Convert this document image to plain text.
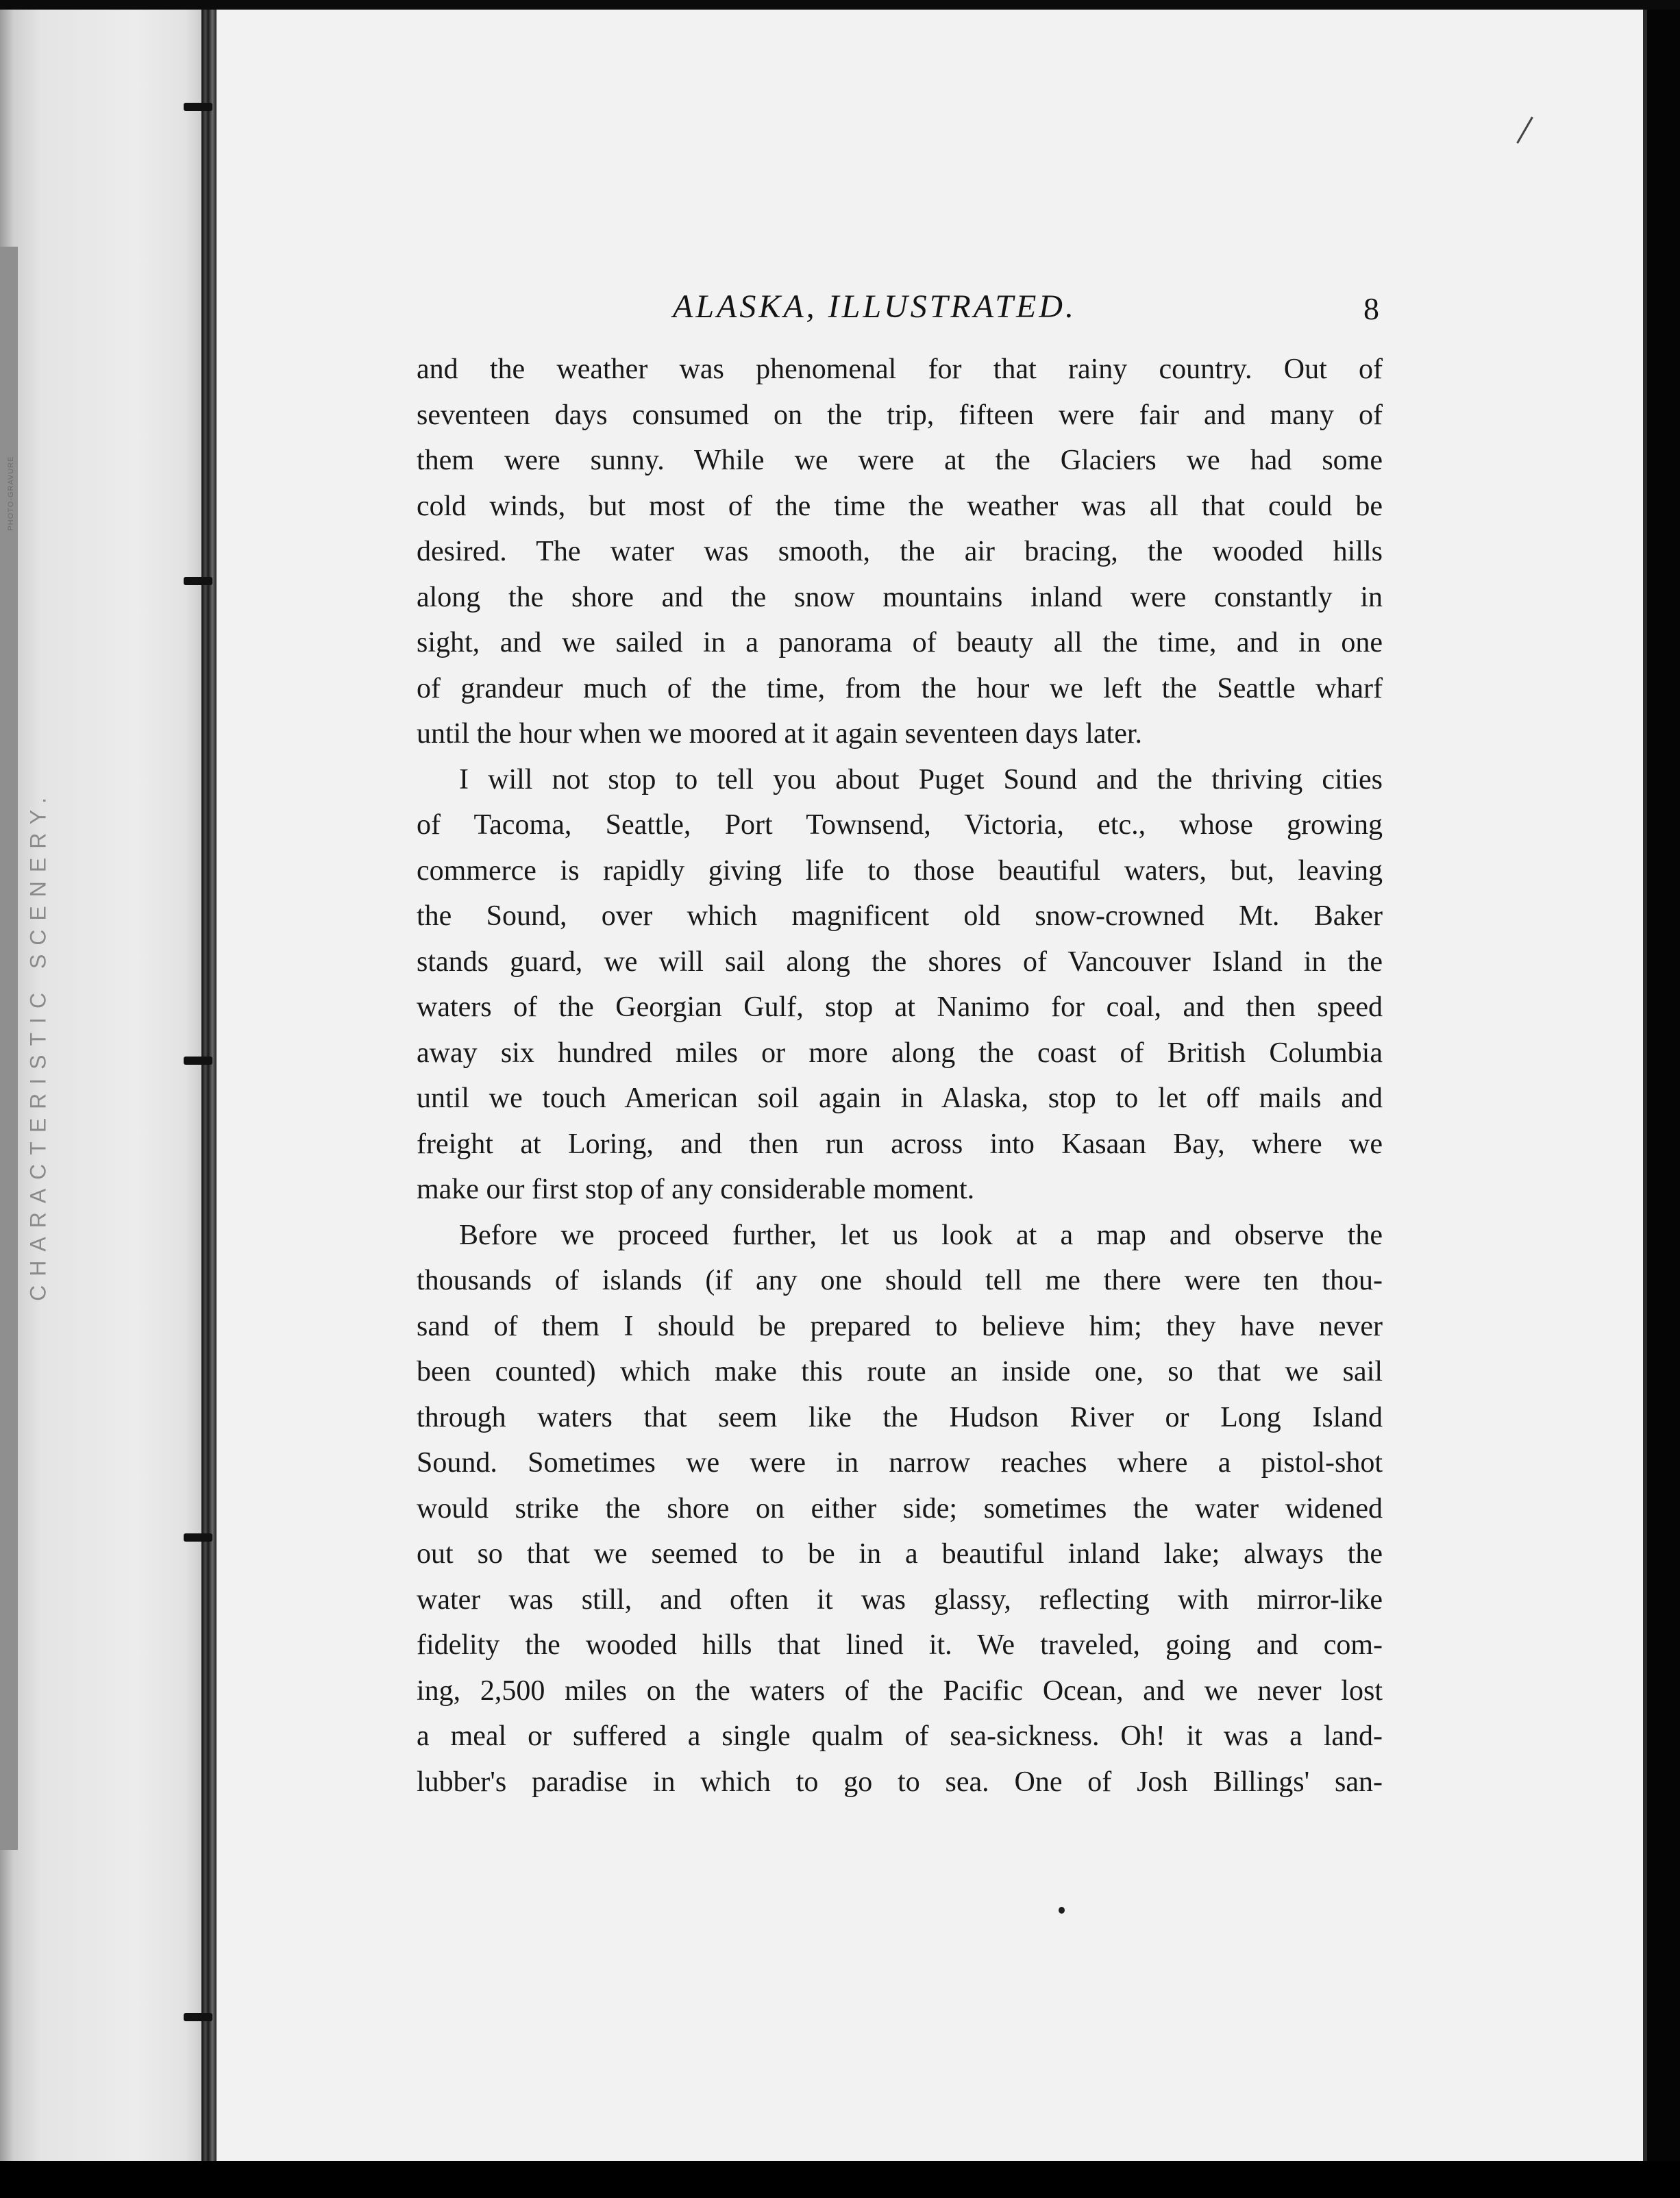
CHARACTERISTIC SCENERY.
PHOTO-GRAVURE
ALASKA, ILLUSTRATED.	8
and the weather was phenomenal for that rainy country. Out of
seventeen days consumed on the trip, fifteen were fair and many of
them were sunny. While we were at the Glaciers we had some
cold winds, but most of the time the weather was all that could be
desired. The water was smooth, the air bracing, the wooded hills
along the shore and the snow mountains inland were constantly in
sight, and we sailed in a panorama of beauty all the time, and in one
of grandeur much of the time, from the hour we left the Seattle wharf
until the hour when we moored at it again seventeen days later.
I will not stop to tell you about Puget Sound and the thriving cities
of Tacoma, Seattle, Port Townsend, Victoria, etc., whose growing
commerce is rapidly giving life to those beautiful waters, but, leaving
the Sound, over which magnificent old snow-crowned Mt. Baker
stands guard, we will sail along the shores of Vancouver Island in the
waters of the Georgian Gulf, stop at Nanimo for coal, and then speed
away six hundred miles or more along the coast of British Columbia
until we touch American soil again in Alaska, stop to let off mails and
freight at Loring, and then run across into Kasaan Bay, where we
make our first stop of any considerable moment.
Before we proceed further, let us look at a map and observe the
thousands of islands (if any one should tell me there were ten thou-
sand of them I should be prepared to believe him; they have never
been counted) which make this route an inside one, so that we sail
through waters that seem like the Hudson River or Long Island
Sound. Sometimes we were in narrow reaches where a pistol-shot
would strike the shore on either side; sometimes the water widened
out so that we seemed to be in a beautiful inland lake; always the
water was still, and often it was glassy, reflecting with mirror-like
fidelity the wooded hills that lined it. We traveled, going and com-
ing, 2,500 miles on the waters of the Pacific Ocean, and we never lost
a meal or suffered a single qualm of sea-sickness. Oh! it was a land-
lubber's paradise in which to go to sea. One of Josh Billings' san-
